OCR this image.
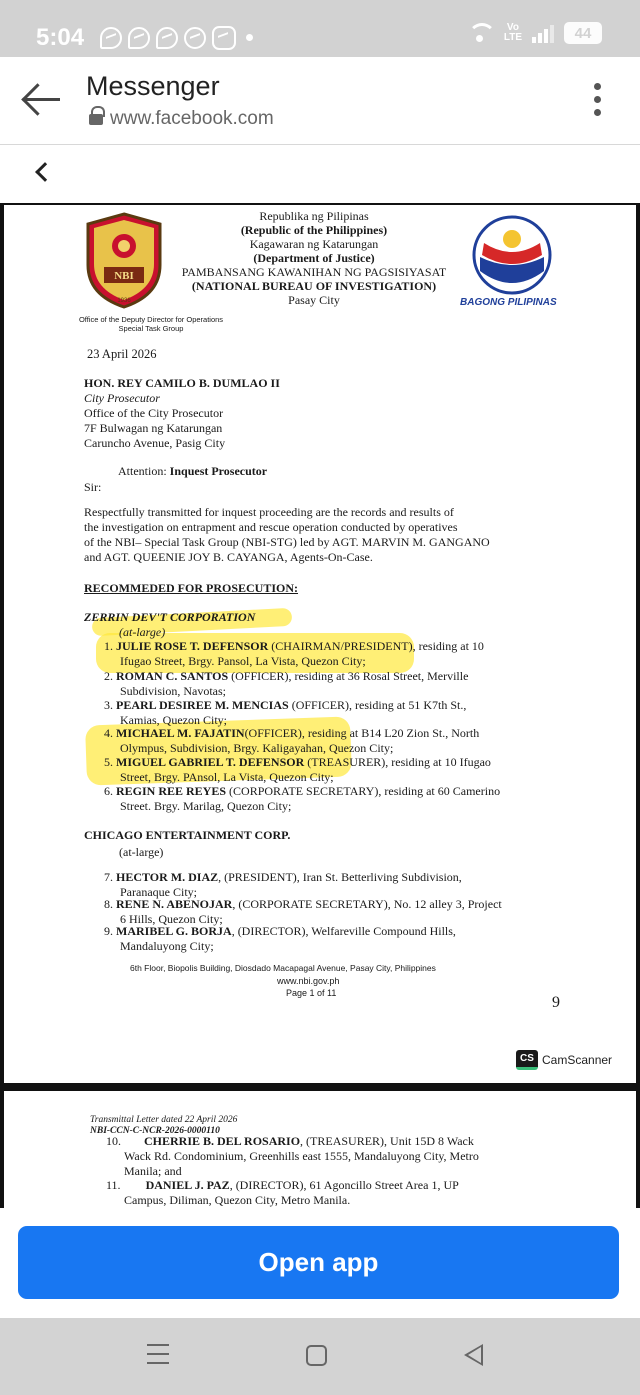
5:04	Vo
LTE	44
Messenger
www.facebook.com
NBI
1936
Republika ng Pilipinas
(Republic of the Philippines)
Kagawaran ng Katarungan
(Department of Justice)
PAMBANSANG KAWANIHAN NG PAGSISIYASAT
(NATIONAL BUREAU OF INVESTIGATION)
Pasay City	BAGONG PILIPINAS
Office of the Deputy Director for Operations
Special Task Group
23 April 2026
HON. REY CAMILO B. DUMLAO II
City Prosecutor
Office of the City Prosecutor
7F Bulwagan ng Katarungan
Caruncho Avenue, Pasig City
Attention: Inquest Prosecutor
Sir:
Respectfully transmitted for inquest proceeding are the records and results of
the investigation on entrapment and rescue operation conducted by operatives
of the NBI– Special Task Group (NBI-STG) led by AGT. MARVIN M. GANGANO
and AGT. QUEENIE JOY B. CAYANGA, Agents-On-Case.
RECOMMEDED FOR PROSECUTION:
ZERRIN DEV'T CORPORATION
(at-large)
1. JULIE ROSE T. DEFENSOR (CHAIRMAN/PRESIDENT), residing at 10
Ifugao Street, Brgy. Pansol, La Vista, Quezon City;
2. ROMAN C. SANTOS (OFFICER), residing at 36 Rosal Street, Merville
Subdivision, Navotas;
3. PEARL DESIREE M. MENCIAS (OFFICER), residing at 51 K7th St.,
Kamias, Quezon City;
4. MICHAEL M. FAJATIN(OFFICER), residing at B14 L20 Zion St., North
Olympus, Subdivision, Brgy. Kaligayahan, Quezon City;
5. MIGUEL GABRIEL T. DEFENSOR (TREASURER), residing at 10 Ifugao
Street, Brgy. PAnsol, La Vista, Quezon City;
6. REGIN REE REYES (CORPORATE SECRETARY), residing at 60 Camerino
Street. Brgy. Marilag, Quezon City;
CHICAGO ENTERTAINMENT CORP.
(at-large)
7. HECTOR M. DIAZ, (PRESIDENT), Iran St. Betterliving Subdivision,
Paranaque City;
8. RENE N. ABENOJAR, (CORPORATE SECRETARY), No. 12 alley 3, Project
6 Hills, Quezon City;
9. MARIBEL G. BORJA, (DIRECTOR), Welfareville Compound Hills,
Mandaluyong City;
6th Floor, Biopolis Building, Diosdado Macapagal Avenue, Pasay City, Philippines
www.nbi.gov.ph
Page 1 of 11
9
CS CamScanner
Transmittal Letter dated 22 April 2026
NBI-CCN-C-NCR-2026-0000110
10. CHERRIE B. DEL ROSARIO, (TREASURER), Unit 15D 8 Wack
Wack Rd. Condominium, Greenhills east 1555, Mandaluyong City, Metro
Manila; and
11. DANIEL J. PAZ, (DIRECTOR), 61 Agoncillo Street Area 1, UP
Campus, Diliman, Quezon City, Metro Manila.
Open app
